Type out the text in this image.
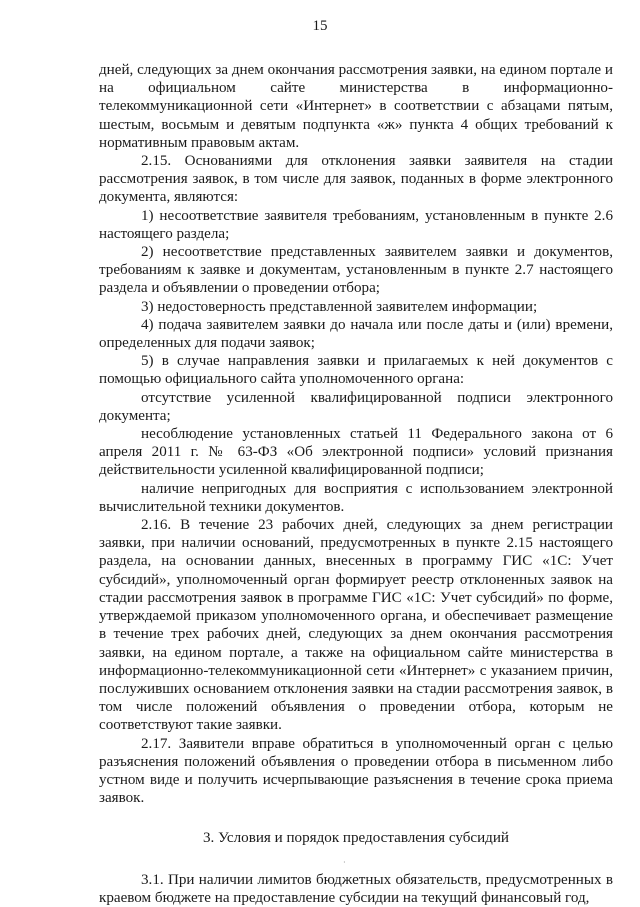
15

дней, следующих за днем окончания рассмотрения заявки, на едином портале и на официальном сайте министерства в информационно-телекоммуникационной сети «Интернет» в соответствии с абзацами пятым, шестым, восьмым и девятым подпункта «ж» пункта 4 общих требований к нормативным правовым актам.

2.15. Основаниями для отклонения заявки заявителя на стадии рассмотрения заявок, в том числе для заявок, поданных в форме электронного документа, являются:

1) несоответствие заявителя требованиям, установленным в пункте 2.6 настоящего раздела;

2) несоответствие представленных заявителем заявки и документов, требованиям к заявке и документам, установленным в пункте 2.7 настоящего раздела и объявлении о проведении отбора;

3) недостоверность представленной заявителем информации;

4) подача заявителем заявки до начала или после даты и (или) времени, определенных для подачи заявок;

5) в случае направления заявки и прилагаемых к ней документов с помощью официального сайта уполномоченного органа:

отсутствие усиленной квалифицированной подписи электронного документа;

несоблюдение установленных статьей 11 Федерального закона от 6 апреля 2011 г. № 63-ФЗ «Об электронной подписи» условий признания действительности усиленной квалифицированной подписи;

наличие непригодных для восприятия с использованием электронной вычислительной техники документов.

2.16. В течение 23 рабочих дней, следующих за днем регистрации заявки, при наличии оснований, предусмотренных в пункте 2.15 настоящего раздела, на основании данных, внесенных в программу ГИС «1С: Учет субсидий», уполномоченный орган формирует реестр отклоненных заявок на стадии рассмотрения заявок в программе ГИС «1С: Учет субсидий» по форме, утверждаемой приказом уполномоченного органа, и обеспечивает размещение в течение трех рабочих дней, следующих за днем окончания рассмотрения заявки, на едином портале, а также на официальном сайте министерства в информационно-телекоммуникационной сети «Интернет» с указанием причин, послуживших основанием отклонения заявки на стадии рассмотрения заявок, в том числе положений объявления о проведении отбора, которым не соответствуют такие заявки.

2.17. Заявители вправе обратиться в уполномоченный орган с целью разъяснения положений объявления о проведении отбора в письменном либо устном виде и получить исчерпывающие разъяснения в течение срока приема заявок.

3. Условия и порядок предоставления субсидий

3.1. При наличии лимитов бюджетных обязательств, предусмотренных в краевом бюджете на предоставление субсидии на текущий финансовый год,

·
